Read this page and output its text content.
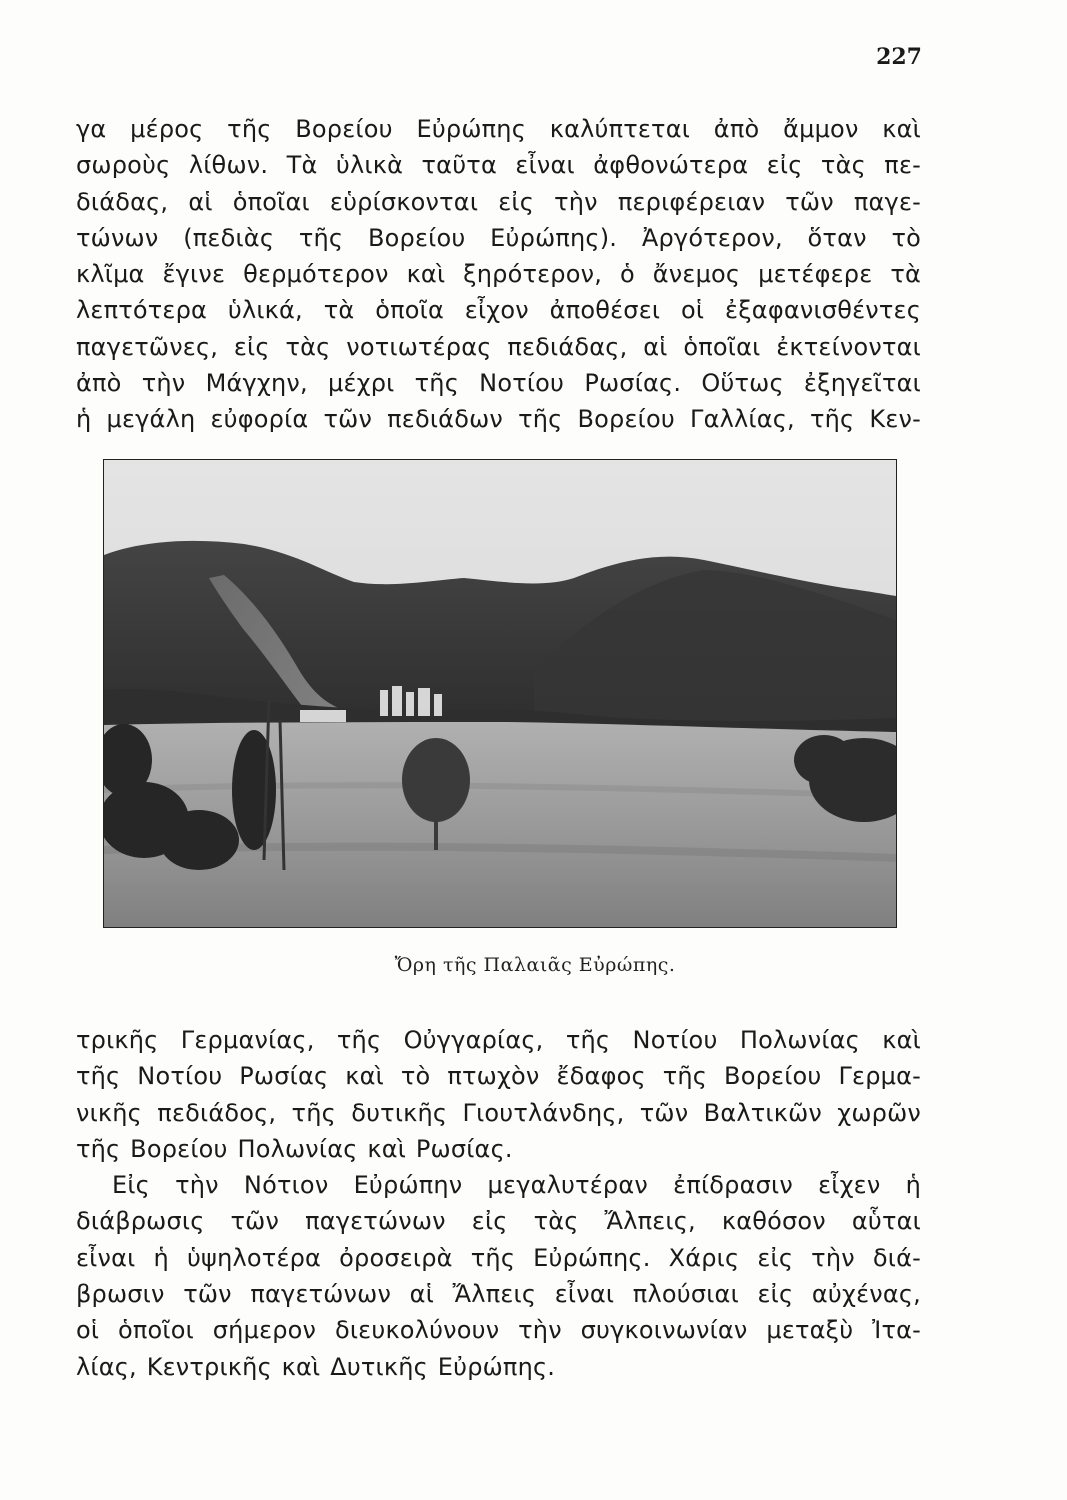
227
γα μέρος τῆς Βορείου Εὐρώπης καλύπτεται ἀπὸ ἄμμον καὶ
σωροὺς λίθων. Τὰ ὑλικὰ ταῦτα εἶναι ἀφθονώτερα εἰς τὰς πε-
διάδας, αἱ ὁποῖαι εὑρίσκονται εἰς τὴν περιφέρειαν τῶν παγε-
τώνων (πεδιὰς τῆς Βορείου Εὐρώπης). Ἀργότερον, ὅταν τὸ
κλῖμα ἔγινε θερμότερον καὶ ξηρότερον, ὁ ἄνεμος μετέφερε τὰ
λεπτότερα ὑλικά, τὰ ὁποῖα εἶχον ἀποθέσει οἱ ἐξαφανισθέντες
παγετῶνες, εἰς τὰς νοτιωτέρας πεδιάδας, αἱ ὁποῖαι ἐκτείνονται
ἀπὸ τὴν Μάγχην, μέχρι τῆς Νοτίου Ρωσίας. Οὕτως ἐξηγεῖται
ἡ μεγάλη εὐφορία τῶν πεδιάδων τῆς Βορείου Γαλλίας, τῆς Κεν-
Ὄρη τῆς Παλαιᾶς Εὐρώπης.
τρικῆς Γερμανίας, τῆς Οὐγγαρίας, τῆς Νοτίου Πολωνίας καὶ
τῆς Νοτίου Ρωσίας καὶ τὸ πτωχὸν ἔδαφος τῆς Βορείου Γερμα-
νικῆς πεδιάδος, τῆς δυτικῆς Γιουτλάνδης, τῶν Βαλτικῶν χωρῶν
τῆς Βορείου Πολωνίας καὶ Ρωσίας.
Εἰς τὴν Νότιον Εὐρώπην μεγαλυτέραν ἐπίδρασιν εἶχεν ἡ
διάβρωσις τῶν παγετώνων εἰς τὰς Ἄλπεις, καθόσον αὗται
εἶναι ἡ ὑψηλοτέρα ὀροσειρὰ τῆς Εὐρώπης. Χάρις εἰς τὴν διά-
βρωσιν τῶν παγετώνων αἱ Ἄλπεις εἶναι πλούσιαι εἰς αὐχένας,
οἱ ὁποῖοι σήμερον διευκολύνουν τὴν συγκοινωνίαν μεταξὺ Ἰτα-
λίας, Κεντρικῆς καὶ Δυτικῆς Εὐρώπης.
